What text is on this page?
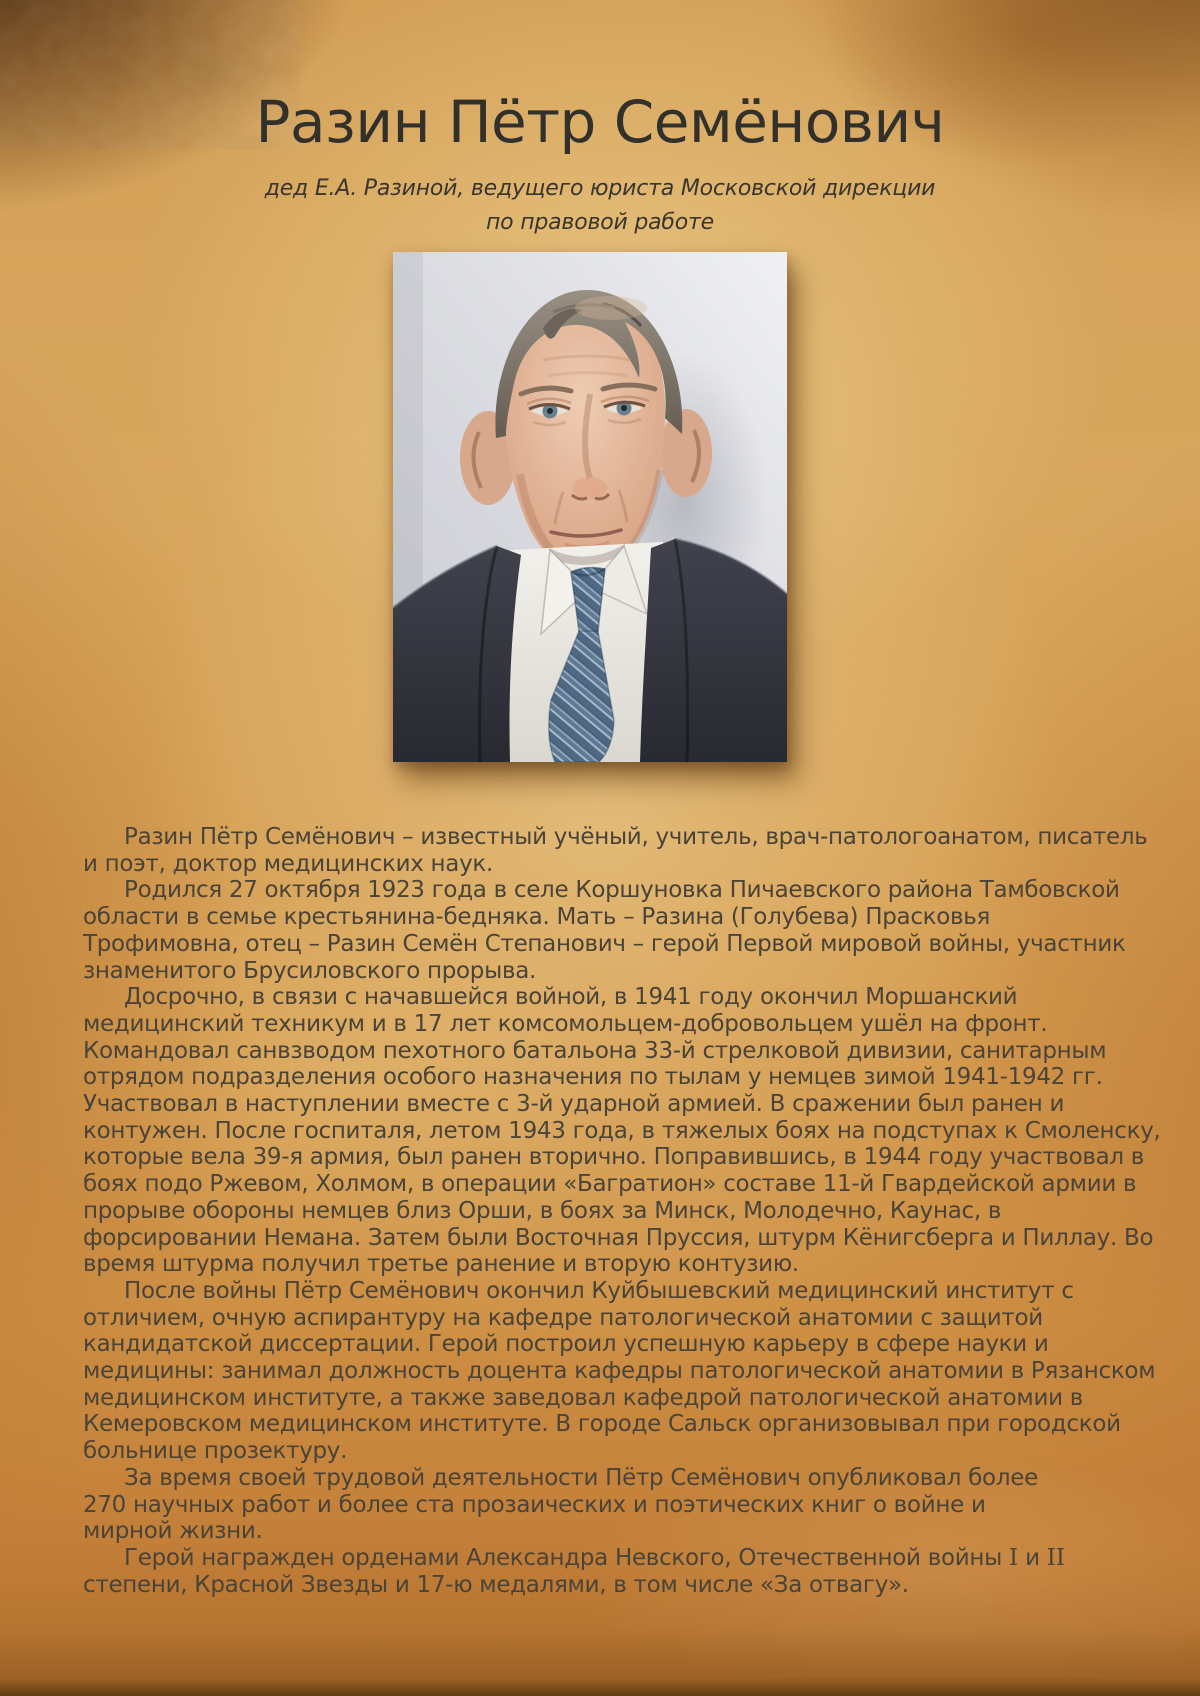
Разин Пётр Семёнович
дед Е.А. Разиной, ведущего юриста Московской дирекции
по правовой работе

Разин Пётр Семёнович – известный учёный, учитель, врач-патологоанатом, писатель
и поэт, доктор медицинских наук.

Родился 27 октября 1923 года в селе Коршуновка Пичаевского района Тамбовской
области в семье крестьянина-бедняка. Мать – Разина (Голубева) Прасковья
Трофимовна, отец – Разин Семён Степанович – герой Первой мировой войны, участник
знаменитого Брусиловского прорыва.

Досрочно, в связи с начавшейся войной, в 1941 году окончил Моршанский
медицинский техникум и в 17 лет комсомольцем-добровольцем ушёл на фронт.
Командовал санвзводом пехотного батальона 33-й стрелковой дивизии, санитарным
отрядом подразделения особого назначения по тылам у немцев зимой 1941-1942 гг.
Участвовал в наступлении вместе с 3-й ударной армией. В сражении был ранен и
контужен. После госпиталя, летом 1943 года, в тяжелых боях на подступах к Смоленску,
которые вела 39-я армия, был ранен вторично. Поправившись, в 1944 году участвовал в
боях подо Ржевом, Холмом, в операции «Багратион» составе 11-й Гвардейской армии в
прорыве обороны немцев близ Орши, в боях за Минск, Молодечно, Каунас, в
форсировании Немана. Затем были Восточная Пруссия, штурм Кёнигсберга и Пиллау. Во
время штурма получил третье ранение и вторую контузию.

После войны Пётр Семёнович окончил Куйбышевский медицинский институт с
отличием, очную аспирантуру на кафедре патологической анатомии с защитой
кандидатской диссертации. Герой построил успешную карьеру в сфере науки и
медицины: занимал должность доцента кафедры патологической анатомии в Рязанском
медицинском институте, а также заведовал кафедрой патологической анатомии в
Кемеровском медицинском институте. В городе Сальск организовывал при городской
больнице прозектуру.

За время своей трудовой деятельности Пётр Семёнович опубликовал более
270 научных работ и более ста прозаических и поэтических книг о войне и
мирной жизни.

Герой награжден орденами Александра Невского, Отечественной войны I и II
степени, Красной Звезды и 17-ю медалями, в том числе «За отвагу».
